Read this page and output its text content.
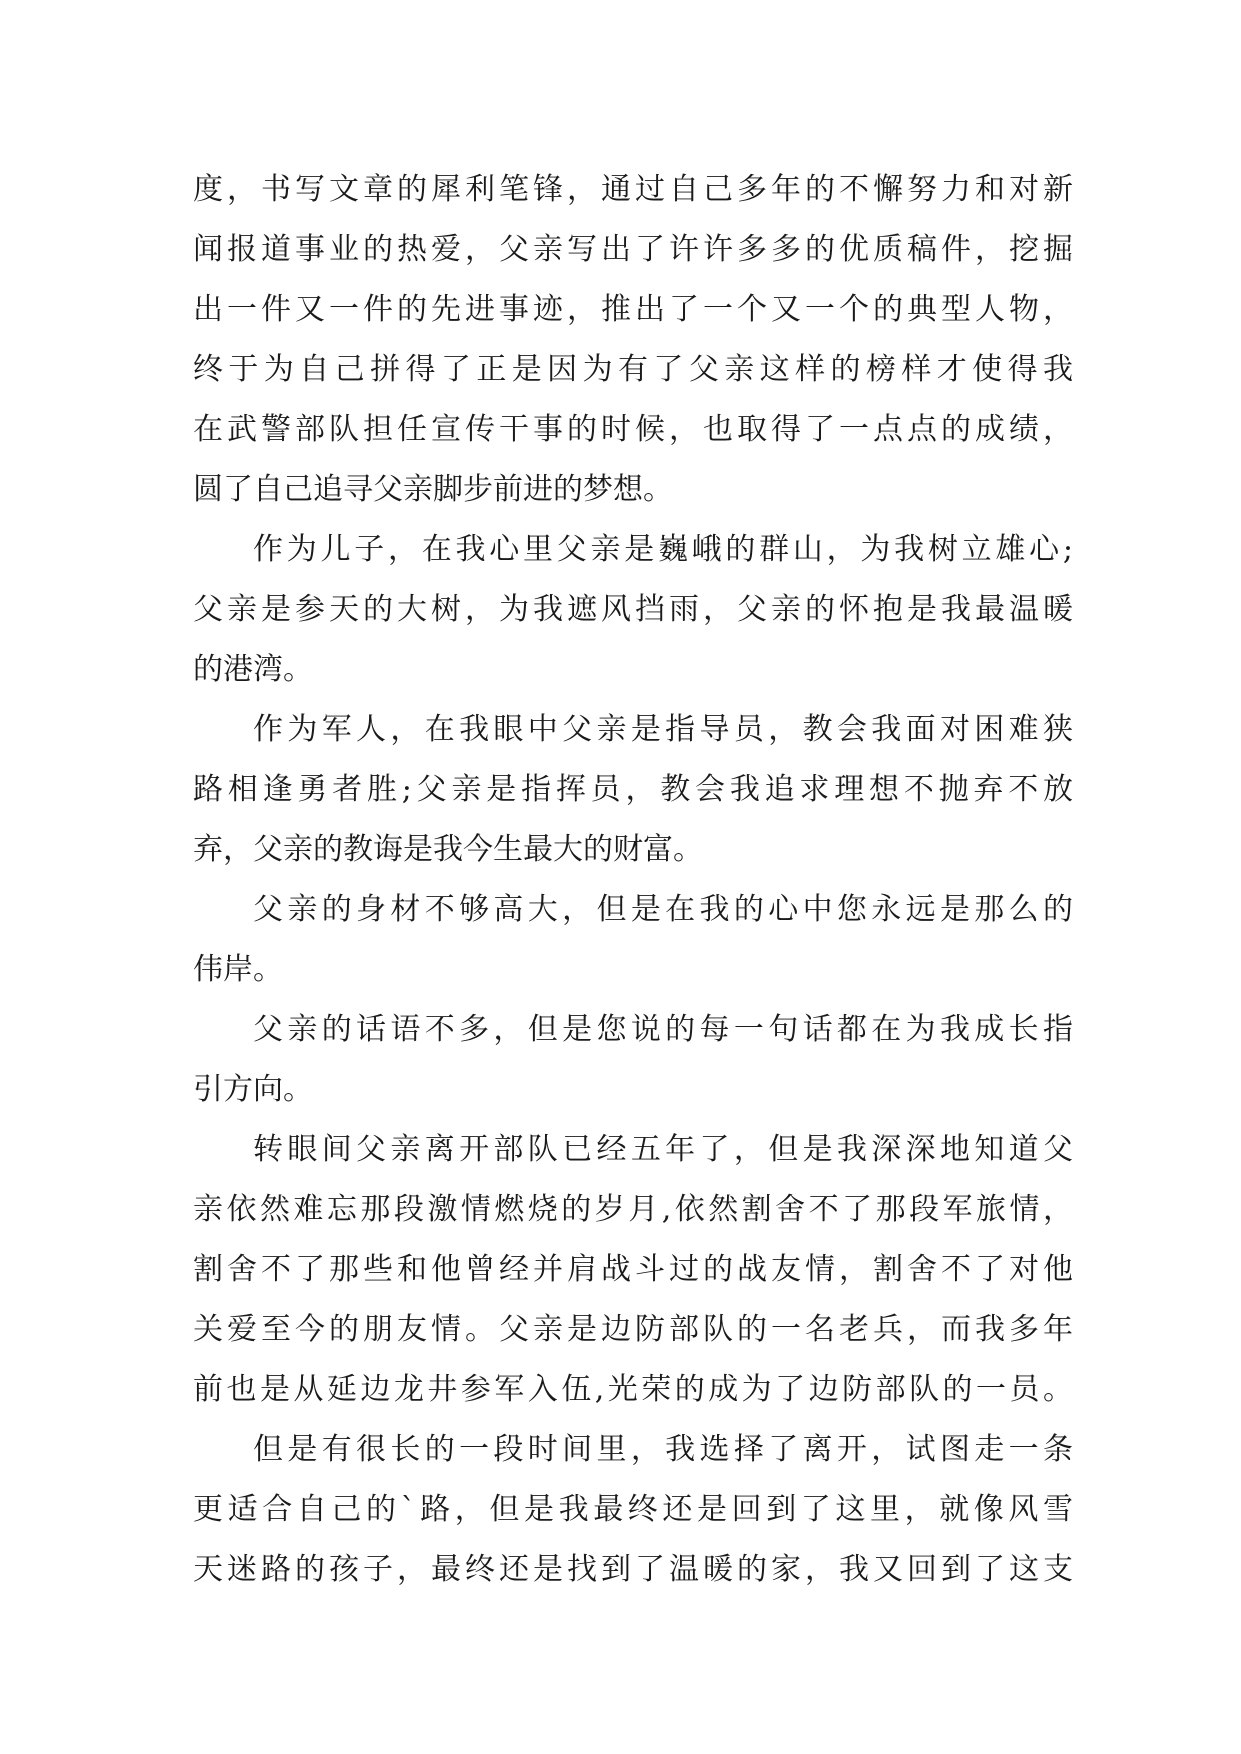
度，书写文章的犀利笔锋，通过自己多年的不懈努力和对新
闻报道事业的热爱，父亲写出了许许多多的优质稿件，挖掘
出一件又一件的先进事迹，推出了一个又一个的典型人物，
终于为自己拼得了正是因为有了父亲这样的榜样才使得我
在武警部队担任宣传干事的时候，也取得了一点点的成绩，
圆了自己追寻父亲脚步前进的梦想。
作为儿子，在我心里父亲是巍峨的群山，为我树立雄心;
父亲是参天的大树，为我遮风挡雨，父亲的怀抱是我最温暖
的港湾。
作为军人，在我眼中父亲是指导员，教会我面对困难狭
路相逢勇者胜;父亲是指挥员，教会我追求理想不抛弃不放
弃，父亲的教诲是我今生最大的财富。
父亲的身材不够高大，但是在我的心中您永远是那么的
伟岸。
父亲的话语不多，但是您说的每一句话都在为我成长指
引方向。
转眼间父亲离开部队已经五年了，但是我深深地知道父
亲依然难忘那段激情燃烧的岁月,依然割舍不了那段军旅情，
割舍不了那些和他曾经并肩战斗过的战友情，割舍不了对他
关爱至今的朋友情。父亲是边防部队的一名老兵，而我多年
前也是从延边龙井参军入伍,光荣的成为了边防部队的一员。
但是有很长的一段时间里，我选择了离开，试图走一条
更适合自己的`路，但是我最终还是回到了这里，就像风雪
天迷路的孩子，最终还是找到了温暖的家，我又回到了这支
